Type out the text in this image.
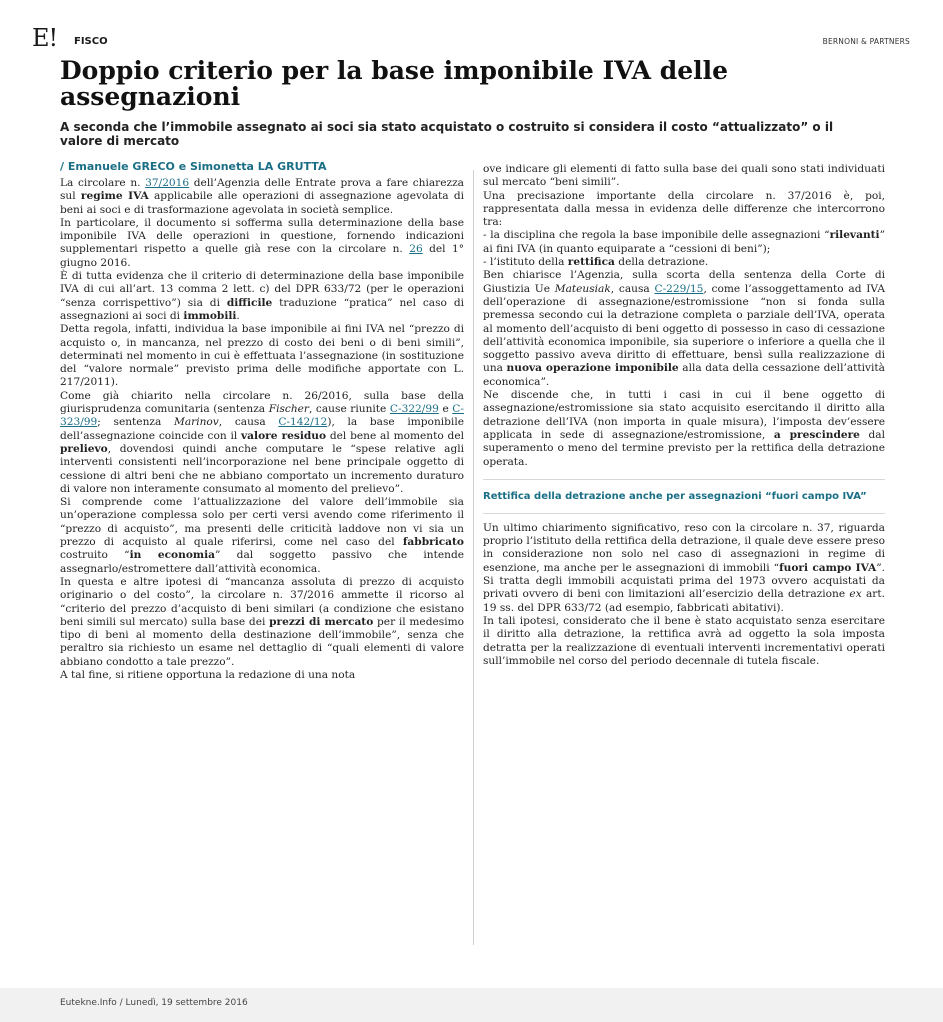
E! FISCO	BERNONI & PARTNERS
Doppio criterio per la base imponibile IVA delle assegnazioni
A seconda che l’immobile assegnato ai soci sia stato acquistato o costruito si considera il costo “attualizzato” o il valore di mercato
/ Emanuele GRECO e Simonetta LA GRUTTA

La circolare n. 37/2016 dell’Agenzia delle Entrate prova a fare chiarezza sul regime IVA applicabile alle operazioni di assegnazione agevolata di beni ai soci e di trasformazione agevolata in società semplice.

In particolare, il documento si sofferma sulla determinazione della base imponibile IVA delle operazioni in questione, fornendo indicazioni supplementari rispetto a quelle già rese con la circolare n. 26 del 1° giugno 2016.

È di tutta evidenza che il criterio di determinazione della base imponibile IVA di cui all’art. 13 comma 2 lett. c) del DPR 633/72 (per le operazioni “senza corrispettivo”) sia di difficile traduzione “pratica” nel caso di assegnazioni ai soci di immobili.

Detta regola, infatti, individua la base imponibile ai fini IVA nel “prezzo di acquisto o, in mancanza, nel prezzo di costo dei beni o di beni simili”, determinati nel momento in cui è effettuata l’assegnazione (in sostituzione del “valore normale” previsto prima delle modifiche apportate con L. 217/2011).

Come già chiarito nella circolare n. 26/2016, sulla base della giurisprudenza comunitaria (sentenza Fischer, cause riunite C-322/99 e C-323/99; sentenza Marinov, causa C-142/12), la base imponibile dell’assegnazione coincide con il valore residuo del bene al momento del prelievo, dovendosi quindi anche computare le “spese relative agli interventi consistenti nell’incorporazione nel bene principale oggetto di cessione di altri beni che ne abbiano comportato un incremento duraturo di valore non interamente consumato al momento del prelievo”.

Si comprende come l’attualizzazione del valore dell’immobile sia un’operazione complessa solo per certi versi avendo come riferimento il “prezzo di acquisto”, ma presenti delle criticità laddove non vi sia un prezzo di acquisto al quale riferirsi, come nel caso del fabbricato costruito “in economia” dal soggetto passivo che intende assegnarlo/estromettere dall’attività economica.

In questa e altre ipotesi di “mancanza assoluta di prezzo di acquisto originario o del costo”, la circolare n. 37/2016 ammette il ricorso al “criterio del prezzo d’acquisto di beni similari (a condizione che esistano beni simili sul mercato) sulla base dei prezzi di mercato per il medesimo tipo di beni al momento della destinazione dell’immobile”, senza che peraltro sia richiesto un esame nel dettaglio di “quali elementi di valore abbiano condotto a tale prezzo”.

A tal fine, si ritiene opportuna la redazione di una nota

ove indicare gli elementi di fatto sulla base dei quali sono stati individuati sul mercato “beni simili”.

Una precisazione importante della circolare n. 37/2016 è, poi, rappresentata dalla messa in evidenza delle differenze che intercorrono tra:

- la disciplina che regola la base imponibile delle assegnazioni “rilevanti” ai fini IVA (in quanto equiparate a “cessioni di beni”);

- l’istituto della rettifica della detrazione.

Ben chiarisce l’Agenzia, sulla scorta della sentenza della Corte di Giustizia Ue Mateusiak, causa C-229/15, come l’assoggettamento ad IVA dell’operazione di assegnazione/estromissione “non si fonda sulla premessa secondo cui la detrazione completa o parziale dell’IVA, operata al momento dell’acquisto di beni oggetto di possesso in caso di cessazione dell’attività economica imponibile, sia superiore o inferiore a quella che il soggetto passivo aveva diritto di effettuare, bensì sulla realizzazione di una nuova operazione imponibile alla data della cessazione dell’attività economica”.

Ne discende che, in tutti i casi in cui il bene oggetto di assegnazione/estromissione sia stato acquisito esercitando il diritto alla detrazione dell’IVA (non importa in quale misura), l’imposta dev’essere applicata in sede di assegnazione/estromissione, a prescindere dal superamento o meno del termine previsto per la rettifica della detrazione operata.

Rettifica della detrazione anche per assegnazioni “fuori campo IVA”

Un ultimo chiarimento significativo, reso con la circolare n. 37, riguarda proprio l’istituto della rettifica della detrazione, il quale deve essere preso in considerazione non solo nel caso di assegnazioni in regime di esenzione, ma anche per le assegnazioni di immobili “fuori campo IVA”. Si tratta degli immobili acquistati prima del 1973 ovvero acquistati da privati ovvero di beni con limitazioni all’esercizio della detrazione ex art. 19 ss. del DPR 633/72 (ad esempio, fabbricati abitativi).

In tali ipotesi, considerato che il bene è stato acquistato senza esercitare il diritto alla detrazione, la rettifica avrà ad oggetto la sola imposta detratta per la realizzazione di eventuali interventi incrementativi operati sull’immobile nel corso del periodo decennale di tutela fiscale.

Eutekne.Info / Lunedì, 19 settembre 2016
